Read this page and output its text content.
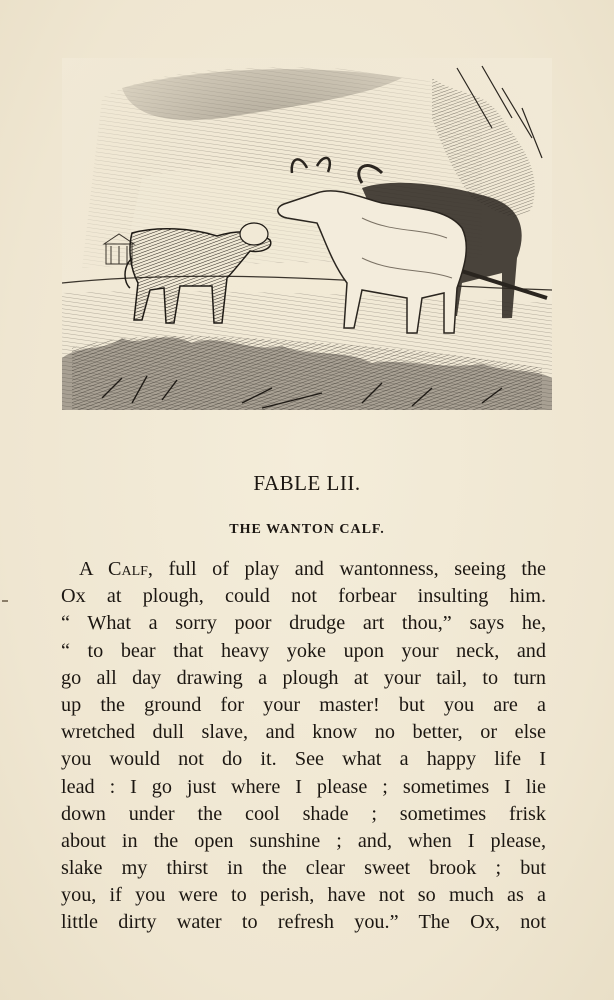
FABLE LII.
THE WANTON CALF.
A Calf, full of play and wantonness, seeing the
Ox at plough, could not forbear insulting him.
“ What a sorry poor drudge art thou,” says he,
“ to bear that heavy yoke upon your neck, and
go all day drawing a plough at your tail, to turn
up the ground for your master! but you are a
wretched dull slave, and know no better, or else
you would not do it. See what a happy life I
lead : I go just where I please ; sometimes I lie
down under the cool shade ; sometimes frisk
about in the open sunshine ; and, when I please,
slake my thirst in the clear sweet brook ; but
you, if you were to perish, have not so much as a
little dirty water to refresh you.” The Ox, not
